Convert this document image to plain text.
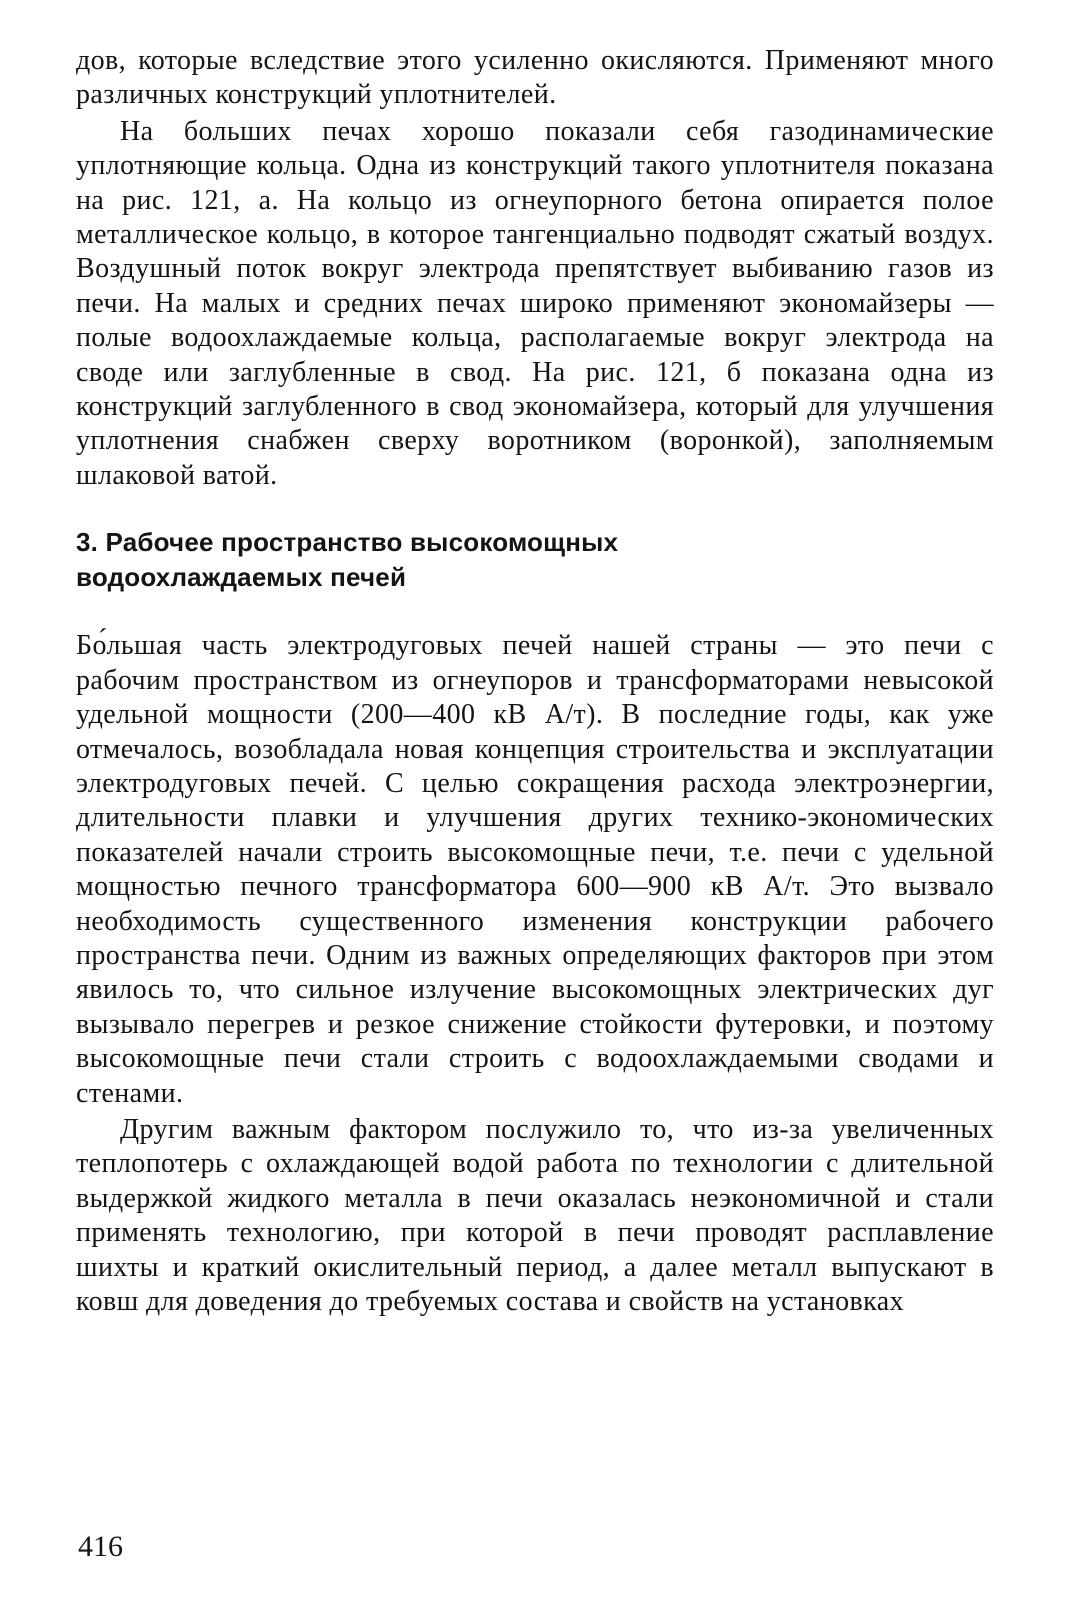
дов, которые вследствие этого усиленно окисляются. Применяют много различных конструкций уплотнителей.

На больших печах хорошо показали себя газодинамические уплотняющие кольца. Одна из конструкций такого уплотнителя показана на рис. 121, а. На кольцо из огнеупорного бетона опирается полое металлическое кольцо, в которое тангенциально подводят сжатый воздух. Воздушный поток вокруг электрода препятствует выбиванию газов из печи. На малых и средних печах широко применяют экономайзеры — полые водоохлаждаемые кольца, располагаемые вокруг электрода на своде или заглубленные в свод. На рис. 121, б показана одна из конструкций заглубленного в свод экономайзера, который для улучшения уплотнения снабжен сверху воротником (воронкой), заполняемым шлаковой ватой.

3. Рабочее пространство высокомощных
водоохлаждаемых печей

Бо́льшая часть электродуговых печей нашей страны — это печи с рабочим пространством из огнеупоров и трансформаторами невысокой удельной мощности (200—400 кВ А/т). В последние годы, как уже отмечалось, возобладала новая концепция строительства и эксплуатации электродуговых печей. С целью сокращения расхода электроэнергии, длительности плавки и улучшения других технико-экономических показателей начали строить высокомощные печи, т.е. печи с удельной мощностью печного трансформатора 600—900 кВ А/т. Это вызвало необходимость существенного изменения конструкции рабочего пространства печи. Одним из важных определяющих факторов при этом явилось то, что сильное излучение высокомощных электрических дуг вызывало перегрев и резкое снижение стойкости футеровки, и поэтому высокомощные печи стали строить с водоохлаждаемыми сводами и стенами.

Другим важным фактором послужило то, что из-за увеличенных теплопотерь с охлаждающей водой работа по технологии с длительной выдержкой жидкого металла в печи оказалась неэкономичной и стали применять технологию, при которой в печи проводят расплавление шихты и краткий окислительный период, а далее металл выпускают в ковш для доведения до требуемых состава и свойств на установках

416
